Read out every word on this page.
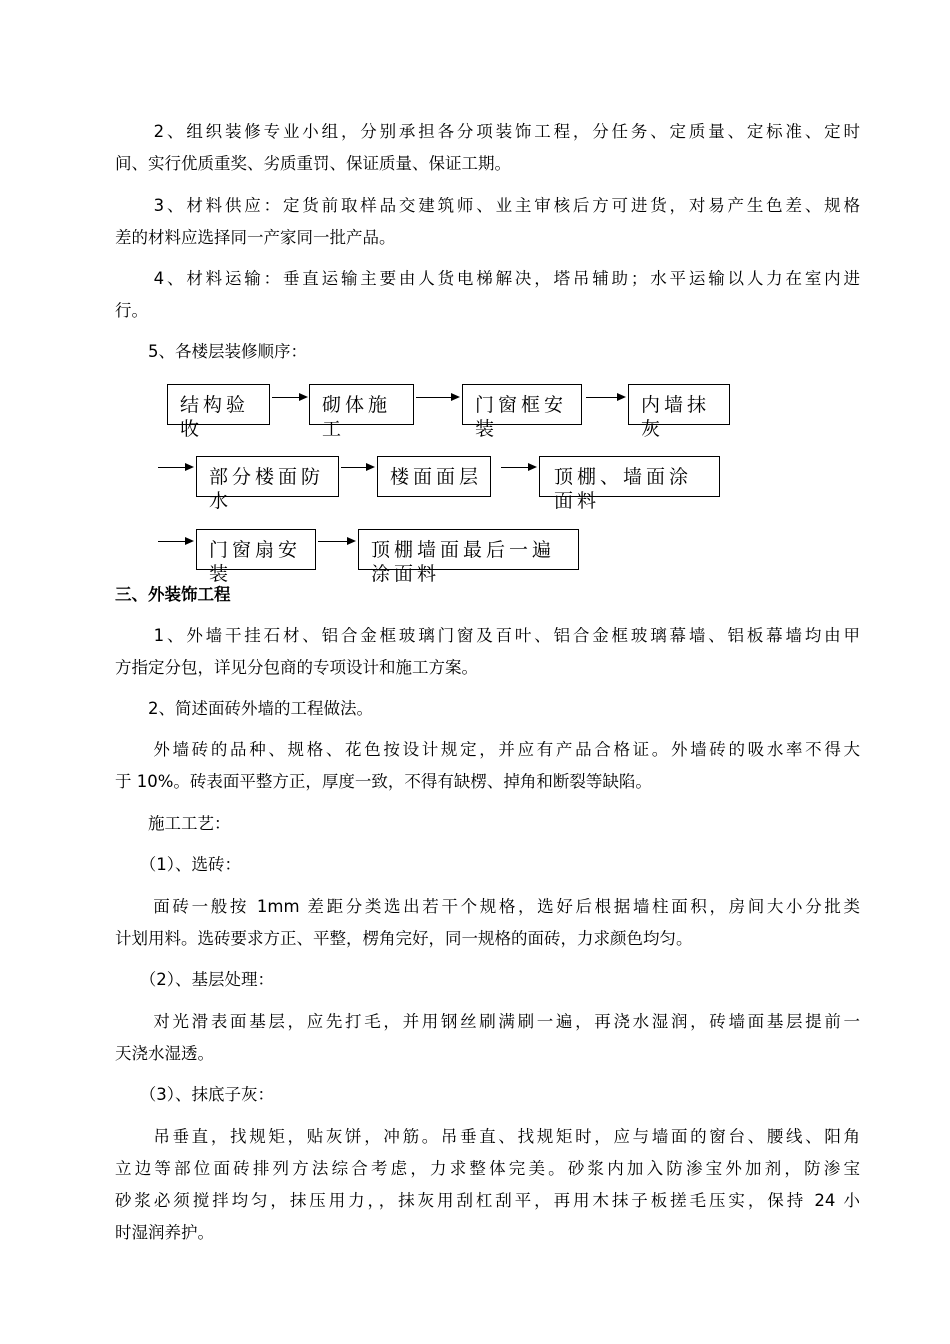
　　2、组织装修专业小组，分别承担各分项装饰工程，分任务、定质量、定标准、定时
间、实行优质重奖、劣质重罚、保证质量、保证工期。
　　3、材料供应：定货前取样品交建筑师、业主审核后方可进货，对易产生色差、规格
差的材料应选择同一产家同一批产品。
　　4、材料运输：垂直运输主要由人货电梯解决，塔吊辅助；水平运输以人力在室内进
行。
　　5、各楼层装修顺序：
结构验收
砌体施工
门窗框安装
内墙抹灰
部分楼面防水
楼面面层	顶棚、墙面涂面料
门窗扇安装
顶棚墙面最后一遍涂面料
三、外装饰工程
　　1、外墙干挂石材、铝合金框玻璃门窗及百叶、铝合金框玻璃幕墙、铝板幕墙均由甲
方指定分包，详见分包商的专项设计和施工方案。
　　2、简述面砖外墙的工程做法。
　　外墙砖的品种、规格、花色按设计规定，并应有产品合格证。外墙砖的吸水率不得大
于 10%。砖表面平整方正，厚度一致，不得有缺楞、掉角和断裂等缺陷。
　　施工工艺：
　　（1）、选砖：
　　面砖一般按 1mm 差距分类选出若干个规格，选好后根据墙柱面积，房间大小分批类
计划用料。选砖要求方正、平整，楞角完好，同一规格的面砖，力求颜色均匀。
　　（2）、基层处理：
　　对光滑表面基层，应先打毛，并用钢丝刷满刷一遍，再浇水湿润，砖墙面基层提前一
天浇水湿透。
　　（3）、抹底子灰：
　　吊垂直，找规矩，贴灰饼，冲筋。吊垂直、找规矩时，应与墙面的窗台、腰线、阳角
立边等部位面砖排列方法综合考虑，力求整体完美。砂浆内加入防渗宝外加剂，防渗宝
砂浆必须搅拌均匀，抹压用力，，抹灰用刮杠刮平，再用木抹子板搓毛压实，保持 24 小
时湿润养护。
